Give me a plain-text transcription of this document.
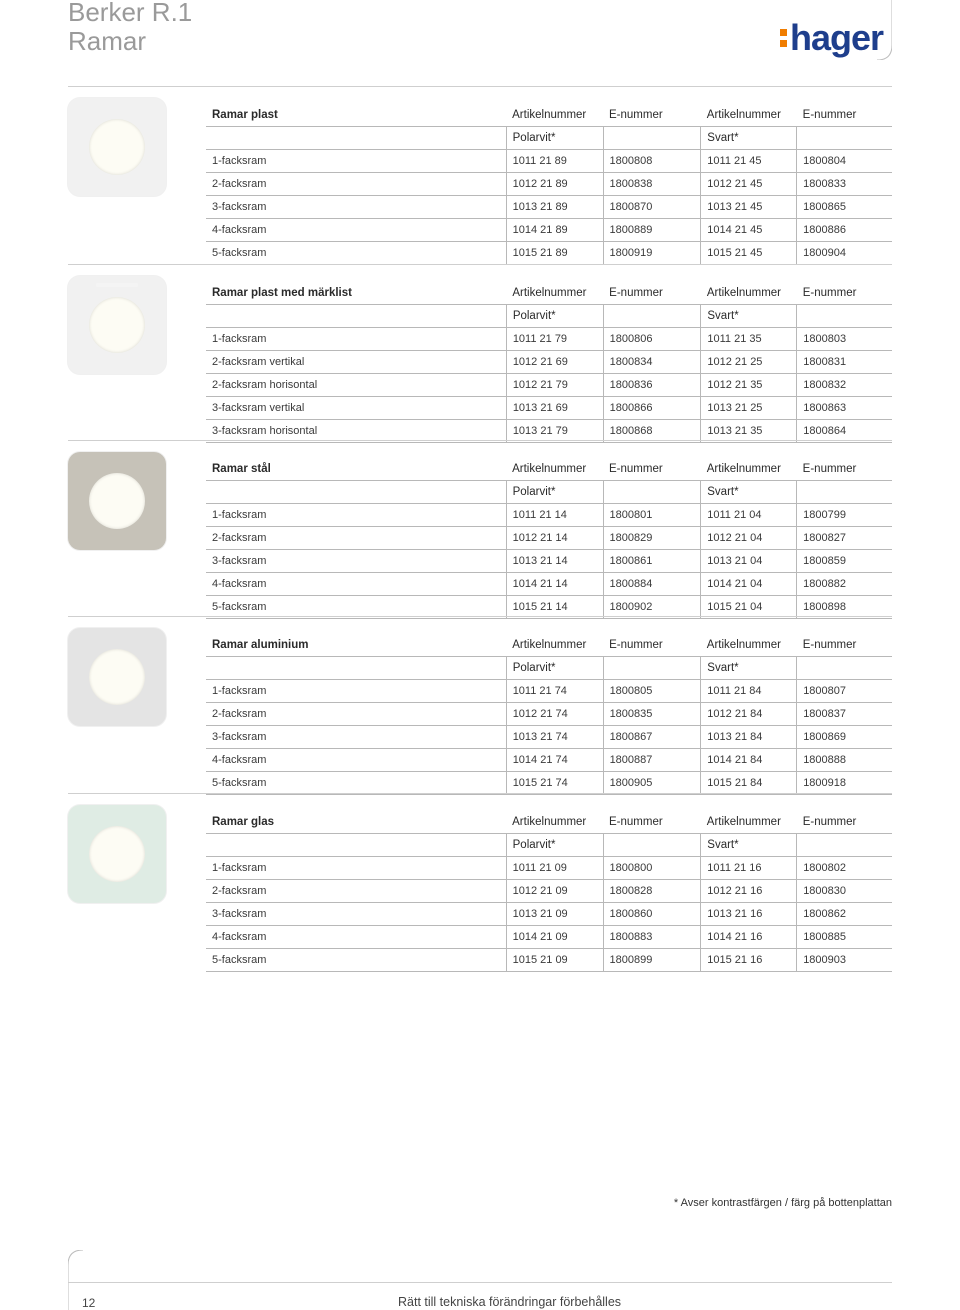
Berker R.1
Ramar	hager
Ramar plast	Artikelnummer	E-nummer	Artikelnummer	E-nummer
	Polarvit*		Svart*	
1-facksram	1011 21 89	1800808	1011 21 45	1800804
2-facksram	1012 21 89	1800838	1012 21 45	1800833
3-facksram	1013 21 89	1800870	1013 21 45	1800865
4-facksram	1014 21 89	1800889	1014 21 45	1800886
5-facksram	1015 21 89	1800919	1015 21 45	1800904
Ramar plast med märklist	Artikelnummer	E-nummer	Artikelnummer	E-nummer
	Polarvit*		Svart*	
1-facksram	1011 21 79	1800806	1011 21 35	1800803
2-facksram vertikal	1012 21 69	1800834	1012 21 25	1800831
2-facksram horisontal	1012 21 79	1800836	1012 21 35	1800832
3-facksram vertikal	1013 21 69	1800866	1013 21 25	1800863
3-facksram horisontal	1013 21 79	1800868	1013 21 35	1800864
Ramar stål	Artikelnummer	E-nummer	Artikelnummer	E-nummer
	Polarvit*		Svart*	
1-facksram	1011 21 14	1800801	1011 21 04	1800799
2-facksram	1012 21 14	1800829	1012 21 04	1800827
3-facksram	1013 21 14	1800861	1013 21 04	1800859
4-facksram	1014 21 14	1800884	1014 21 04	1800882
5-facksram	1015 21 14	1800902	1015 21 04	1800898
Ramar aluminium	Artikelnummer	E-nummer	Artikelnummer	E-nummer
	Polarvit*		Svart*	
1-facksram	1011 21 74	1800805	1011 21 84	1800807
2-facksram	1012 21 74	1800835	1012 21 84	1800837
3-facksram	1013 21 74	1800867	1013 21 84	1800869
4-facksram	1014 21 74	1800887	1014 21 84	1800888
5-facksram	1015 21 74	1800905	1015 21 84	1800918
Ramar glas	Artikelnummer	E-nummer	Artikelnummer	E-nummer
	Polarvit*		Svart*	
1-facksram	1011 21 09	1800800	1011 21 16	1800802
2-facksram	1012 21 09	1800828	1012 21 16	1800830
3-facksram	1013 21 09	1800860	1013 21 16	1800862
4-facksram	1014 21 09	1800883	1014 21 16	1800885
5-facksram	1015 21 09	1800899	1015 21 16	1800903
* Avser kontrastfärgen / färg på bottenplattan
12	Rätt till tekniska förändringar förbehålles
